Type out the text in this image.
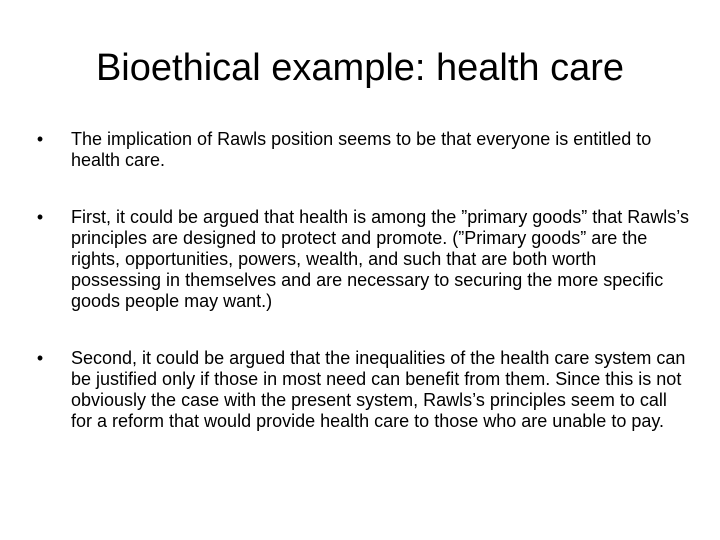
Bioethical example: health care
•	The implication of Rawls position seems to be that everyone is entitled to health care.
•	First, it could be argued that health is among the ”primary goods” that Rawls’s principles are designed to protect and promote. (”Primary goods” are the rights, opportunities, powers, wealth, and such that are both worth possessing in themselves and are necessary to securing the more specific goods people may want.)
•	Second, it could be argued that the inequalities of the health care system can be justified only if those in most need can benefit from them. Since this is not obviously the case with the present system, Rawls’s principles seem to call for a reform that would provide health care to those who are unable to pay.
